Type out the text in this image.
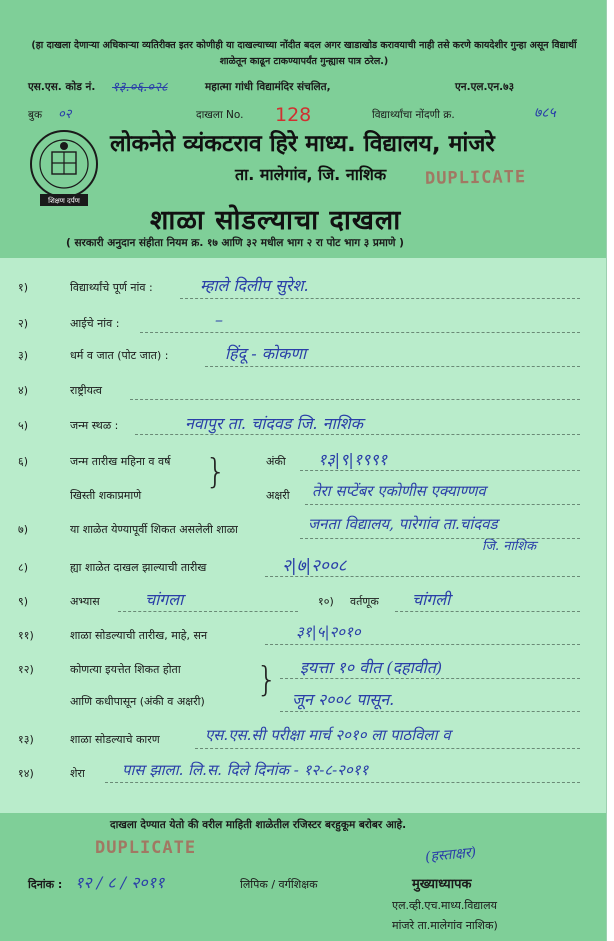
(हा दाखला देणाऱ्या अधिकाऱ्या व्यतिरीक्त इतर कोणीही या दाखल्याच्या नोंदीत बदल अगर खाडाखोड करावयाची नाही तसे करणे कायदेशीर गुन्हा असून विद्यार्थी शाळेतून काढून टाकण्यापर्यंत गुन्ह्यास पात्र ठरेल.)
एस.एस. कोड नं. १३.०६.०२८	महात्मा गांधी विद्यामंदिर संचलित,	एन.एल.एन.७३
बुक ०२	दाखला No. 128	विद्यार्थ्यांचा नोंदणी क्र.	७८५
शिक्षण दर्पण
लोकनेते व्यंकटराव हिरे माध्य. विद्यालय, मांजरे
ता. मालेगांव, जि. नाशिक DUPLICATE
शाळा सोडल्याचा दाखला
( सरकारी अनुदान संहीता नियम क्र. १७ आणि ३२ मधील भाग २ रा पोट भाग ३ प्रमाणे )
१)	विद्यार्थ्यांचे पूर्ण नांव :	म्हाले दिलीप सुरेश.
२)	आईचे नांव :	–
३)	धर्म व जात (पोट जात) :	हिंदू - कोकणा
४)	राष्ट्रीयत्व
५)	जन्म स्थळ :	नवापुर ता. चांदवड जि. नाशिक
६)	जन्म तारीख महिना व वर्ष
खिस्ती शकाप्रमाणे
}	अंकी १३|९|१९९१
अक्षरी तेरा सप्टेंबर एकोणीस एक्याण्णव
७)	या शाळेत येण्यापूर्वी शिकत असलेली शाळा	जनता विद्यालय, पारेगांव ता.चांदवड
जि. नाशिक
८)	ह्या शाळेत दाखल झाल्याची तारीख	२|७|२००८
९)	अभ्यास	चांगला	१०) वर्तणूक चांगली
११)	शाळा सोडल्याची तारीख, माहे, सन	३१|५|२०१०
१२)	कोणत्या इयत्तेत शिकत होता	इयत्ता १० वीत (दहावीत)
}
आणि कधीपासून (अंकी व अक्षरी)	जून २००८ पासून.
१३)	शाळा सोडल्याचे कारण	एस.एस.सी परीक्षा मार्च २०१० ला पाठविला व
१४)	शेरा पास झाला. लि.स. दिले दिनांक - १२-८-२०११
दाखला देण्यात येतो की वरील माहिती शाळेतील रजिस्टर बरहुकूम बरोबर आहे.
DUPLICATE
दिनांक : १२ / ८ / २०११	लिपिक / वर्गशिक्षक
(हस्ताक्षर)
मुख्याध्यापक
एल.व्ही.एच.माध्य.विद्यालय
मांजरे ता.मालेगांव नाशिक)
